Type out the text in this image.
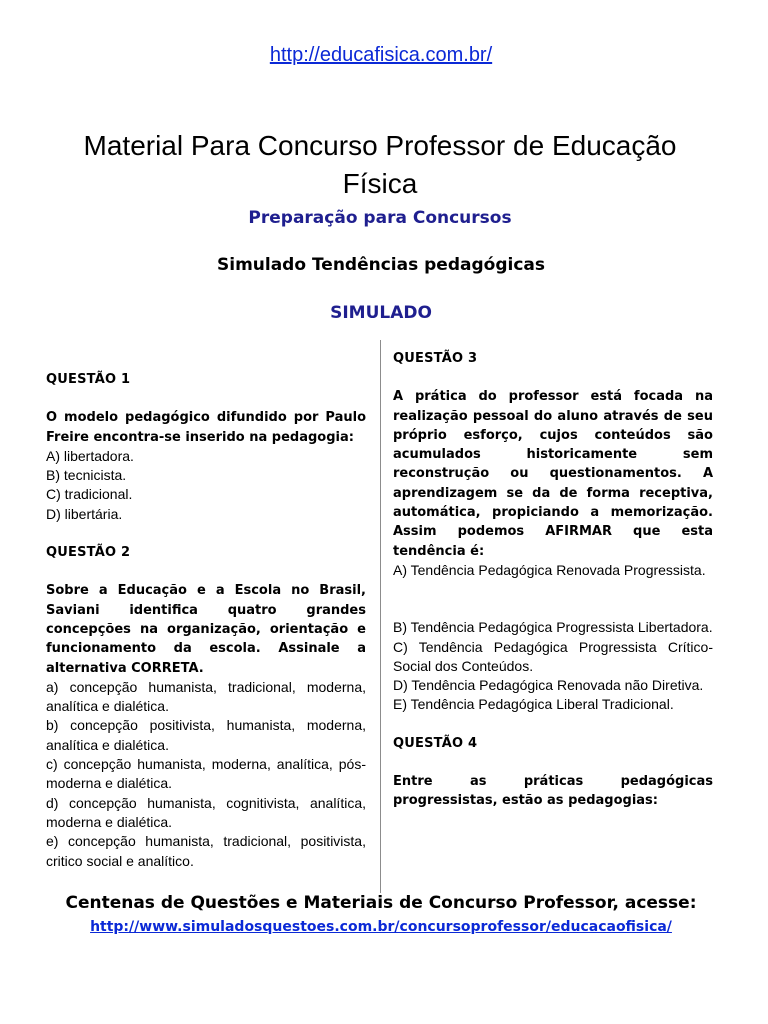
http://educafisica.com.br/
Material Para Concurso Professor de Educação Física
Preparação para Concursos
Simulado Tendências pedagógicas
SIMULADO

QUESTÃO 1

O modelo pedagógico difundido por Paulo Freire encontra-se inserido na pedagogia:

A) libertadora.
B) tecnicista.
C) tradicional.
D) libertária.

QUESTÃO 2

Sobre a Educação e a Escola no Brasil, Saviani identifica quatro grandes concepções na organização, orientação e funcionamento da escola. Assinale a alternativa CORRETA.

a) concepção humanista, tradicional, moderna, analítica e dialética.
b) concepção positivista, humanista, moderna, analítica e dialética.
c) concepção humanista, moderna, analítica, pós- moderna e dialética.
d) concepção humanista, cognitivista, analítica, moderna e dialética.
e) concepção humanista, tradicional, positivista, critico social e analítico.

QUESTÃO 3

A prática do professor está focada na realização pessoal do aluno através de seu próprio esforço, cujos conteúdos são acumulados historicamente sem reconstrução ou questionamentos. A aprendizagem se da de forma receptiva, automática, propiciando a memorização. Assim podemos AFIRMAR que esta tendência é:

A) Tendência Pedagógica Renovada Progressista.

B) Tendência Pedagógica Progressista Libertadora.
C) Tendência Pedagógica Progressista Crítico-Social dos Conteúdos.
D) Tendência Pedagógica Renovada não Diretiva.
E) Tendência Pedagógica Liberal Tradicional.

QUESTÃO 4

Entre as práticas pedagógicas progressistas, estão as pedagogias:

Centenas de Questões e Materiais de Concurso Professor, acesse:

http://www.simuladosquestoes.com.br/concursoprofessor/educacaofisica/
